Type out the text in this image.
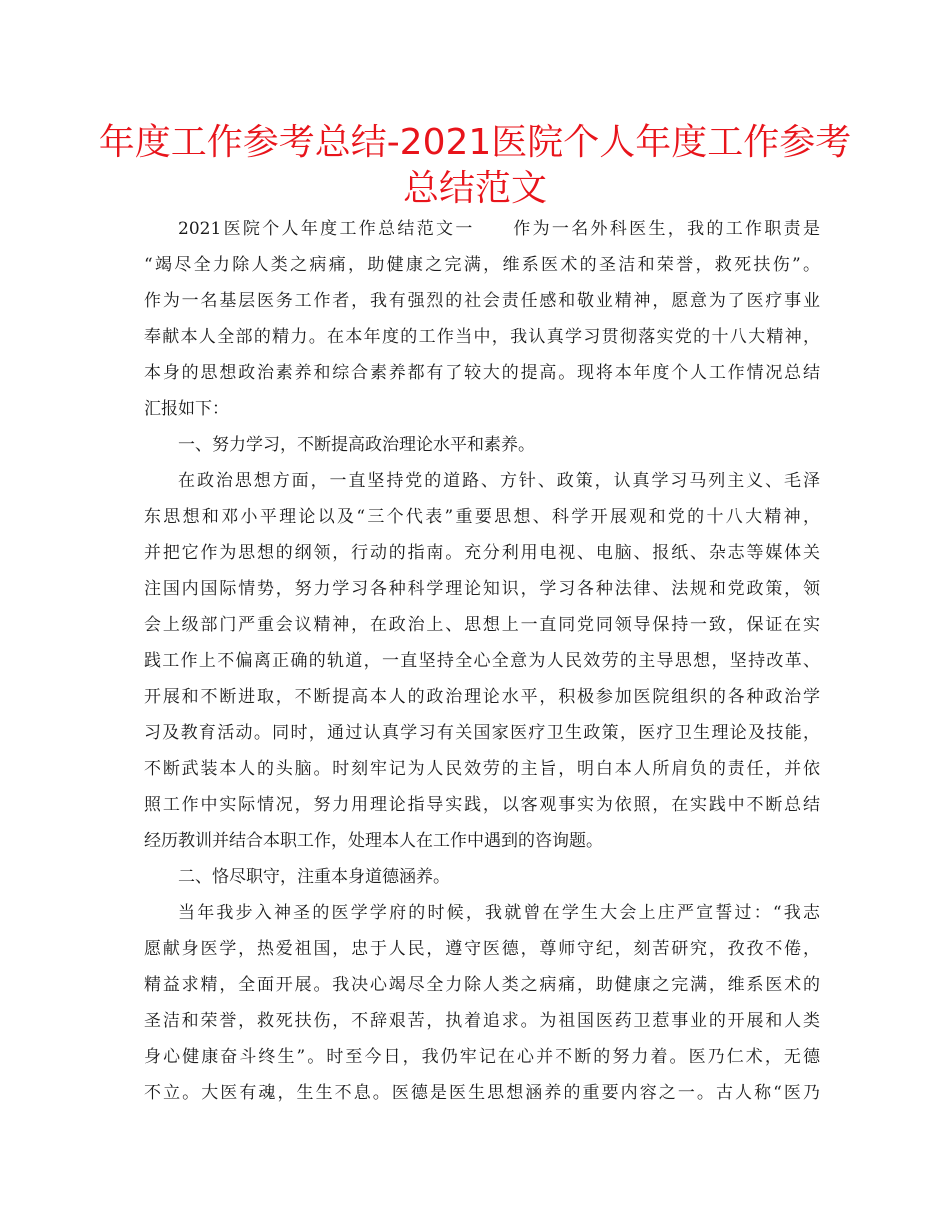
年度工作参考总结-2021医院个人年度工作参考
总结范文
2021医院个人年度工作总结范文一　　作为一名外科医生，我的工作职责是
“竭尽全力除人类之病痛，助健康之完满，维系医术的圣洁和荣誉，救死扶伤”。
作为一名基层医务工作者，我有强烈的社会责任感和敬业精神，愿意为了医疗事业
奉献本人全部的精力。在本年度的工作当中，我认真学习贯彻落实党的十八大精神，
本身的思想政治素养和综合素养都有了较大的提高。现将本年度个人工作情况总结
汇报如下：
一、努力学习，不断提高政治理论水平和素养。
在政治思想方面，一直坚持党的道路、方针、政策，认真学习马列主义、毛泽
东思想和邓小平理论以及“三个代表”重要思想、科学开展观和党的十八大精神，
并把它作为思想的纲领，行动的指南。充分利用电视、电脑、报纸、杂志等媒体关
注国内国际情势，努力学习各种科学理论知识，学习各种法律、法规和党政策，领
会上级部门严重会议精神，在政治上、思想上一直同党同领导保持一致，保证在实
践工作上不偏离正确的轨道，一直坚持全心全意为人民效劳的主导思想，坚持改革、
开展和不断进取，不断提高本人的政治理论水平，积极参加医院组织的各种政治学
习及教育活动。同时，通过认真学习有关国家医疗卫生政策，医疗卫生理论及技能，
不断武装本人的头脑。时刻牢记为人民效劳的主旨，明白本人所肩负的责任，并依
照工作中实际情况，努力用理论指导实践，以客观事实为依照，在实践中不断总结
经历教训并结合本职工作，处理本人在工作中遇到的咨询题。
二、恪尽职守，注重本身道德涵养。
当年我步入神圣的医学学府的时候，我就曾在学生大会上庄严宣誓过：“我志
愿献身医学，热爱祖国，忠于人民，遵守医德，尊师守纪，刻苦研究，孜孜不倦，
精益求精，全面开展。我决心竭尽全力除人类之病痛，助健康之完满，维系医术的
圣洁和荣誉，救死扶伤，不辞艰苦，执着追求。为祖国医药卫惹事业的开展和人类
身心健康奋斗终生”。时至今日，我仍牢记在心并不断的努力着。医乃仁术，无德
不立。大医有魂，生生不息。医德是医生思想涵养的重要内容之一。古人称“医乃
